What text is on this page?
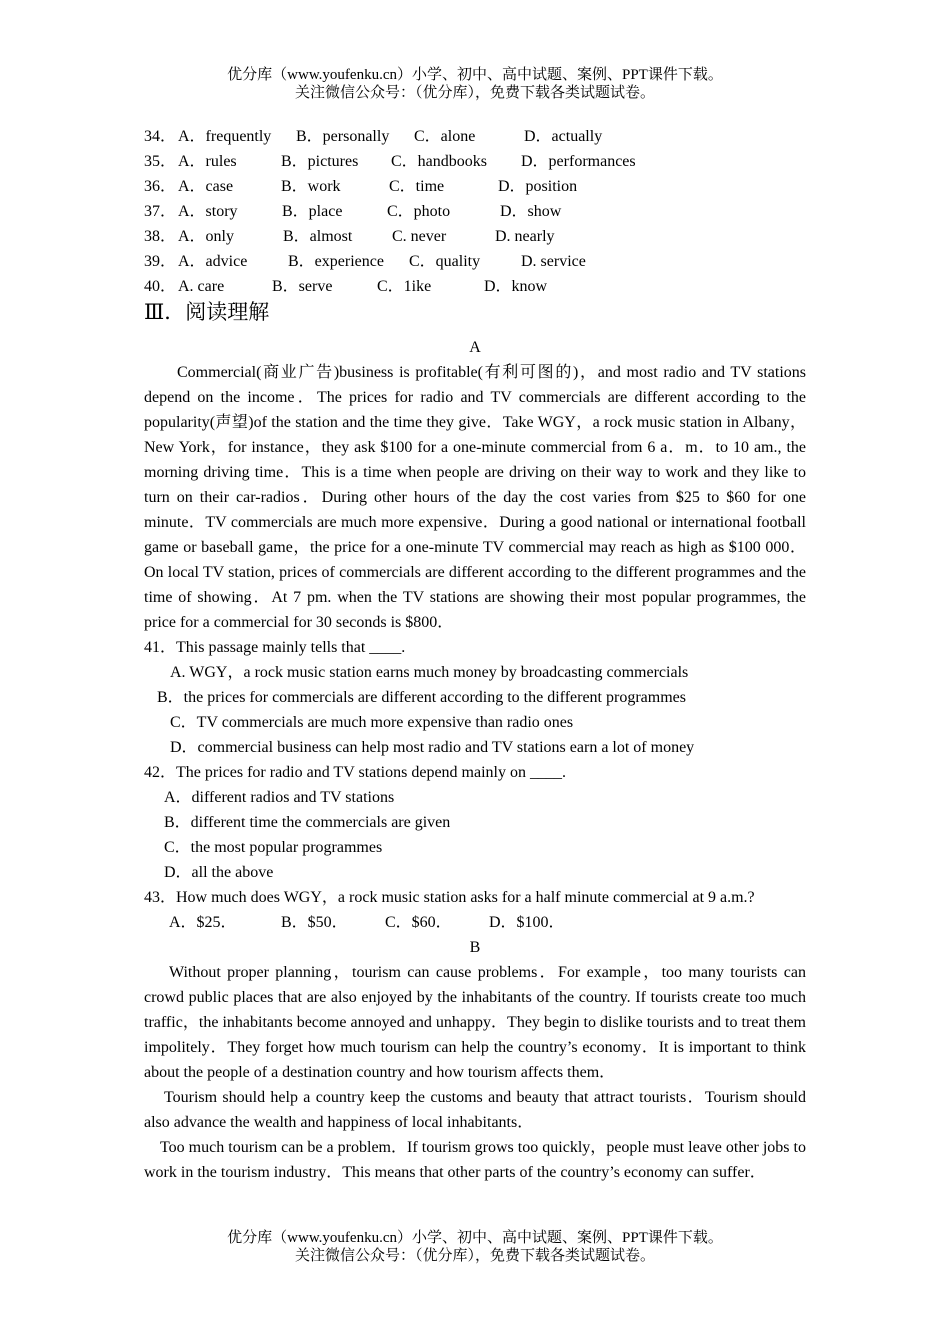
优分库（www.youfenku.cn）小学、初中、高中试题、案例、PPT课件下载。
关注微信公众号：（优分库），免费下载各类试题试卷。
34． A．frequently	B．personally	C．alone	D．actually
35． A．rules	B．pictures	C．handbooks	D．performances
36． A．case	B．work	C．time	D．position
37． A．story	B．place	C．photo	D．show
38． A．only	B．almost	C. never	D. nearly
39． A．advice	B．experience	C．quality	D. service
40． A. care	B．serve	C．1ike	D．know
Ⅲ．阅读理解
A

Commercial(商业广告)business is profitable(有利可图的)，and most radio and TV stations depend on the income．The prices for radio and TV commercials are different according to the popularity(声望)of the station and the time they give．Take WGY，a rock music station in Albany，New York，for instance，they ask $100 for a one-minute commercial from 6 a．m．to 10 am., the morning driving time．This is a time when people are driving on their way to work and they like to turn on their car-radios．During other hours of the day the cost varies from $25 to $60 for one minute．TV commercials are much more expensive．During a good national or international football game or baseball game，the price for a one-minute TV commercial may reach as high as $100 000．On local TV station, prices of commercials are different according to the different programmes and the time of showing．At 7 pm. when the TV stations are showing their most popular programmes, the price for a commercial for 30 seconds is $800．

41．This passage mainly tells that ____.
A. WGY，a rock music station earns much money by broadcasting commercials
B．the prices for commercials are different according to the different programmes
C．TV commercials are much more expensive than radio ones
D．commercial business can help most radio and TV stations earn a lot of money
42．The prices for radio and TV stations depend mainly on ____.
A．different radios and TV stations
B．different time the commercials are given
C．the most popular programmes
D．all the above
43．How much does WGY，a rock music station asks for a half minute commercial at 9 a.m.?
A．$25．	B．$50．	C．$60．	D．$100．
B

Without proper planning，tourism can cause problems．For example，too many tourists can crowd public places that are also enjoyed by the inhabitants of the country. If tourists create too much traffic，the inhabitants become annoyed and unhappy．They begin to dislike tourists and to treat them impolitely．They forget how much tourism can help the country’s economy．It is important to think about the people of a destination country and how tourism affects them．

Tourism should help a country keep the customs and beauty that attract tourists．Tourism should also advance the wealth and happiness of local inhabitants．

Too much tourism can be a problem．If tourism grows too quickly，people must leave other jobs to work in the tourism industry．This means that other parts of the country’s economy can suffer．

优分库（www.youfenku.cn）小学、初中、高中试题、案例、PPT课件下载。
关注微信公众号：（优分库），免费下载各类试题试卷。
